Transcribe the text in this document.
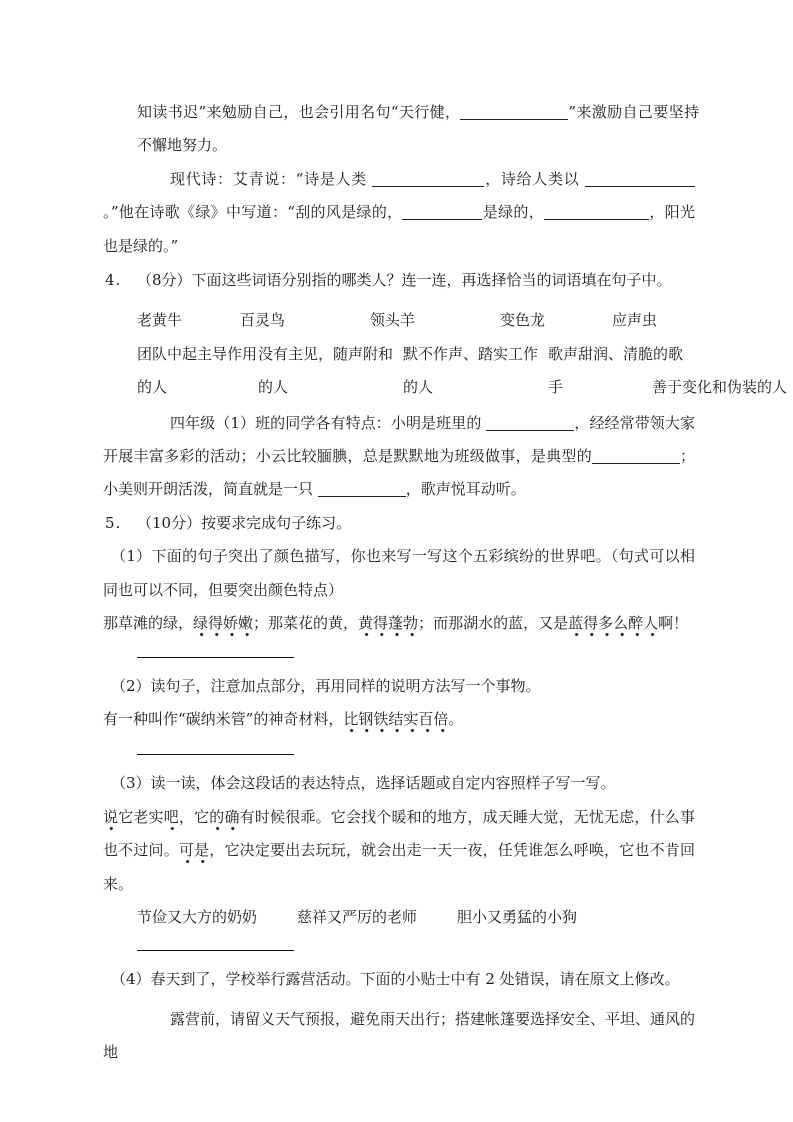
知读书迟”来勉励自己，也会引用名句“天行健，	”来激励自己要坚持不懈地努力。
现代诗：艾青说：“诗是人类	，诗给人类以 。”他在诗歌《绿》中写道：“刮的风是绿的，	是绿的，	，阳光也是绿的。”
4. （8分）下面这些词语分别指的哪类人？连一连，再选择恰当的词语填在句子中。
老黄牛	百灵鸟	领头羊	变色龙	应声虫
团队中起主导作用的人
没有主见，随声附和的人
默不作声、踏实工作的人
歌声甜润、清脆的歌手	善于变化和伪装的人
四年级（1）班的同学各有特点：小明是班里的	，经经常带领大家开展丰富多彩的活动；小云比较腼腆，总是默默地为班级做事，是典型的	；小美则开朗活泼，简直就是一只	，歌声悦耳动听。
5. （10分）按要求完成句子练习。
（1）下面的句子突出了颜色描写，你也来写一写这个五彩缤纷的世界吧。（句式可以相同也可以不同，但要突出颜色特点）
那草滩的绿，绿得娇嫩；那菜花的黄，黄得蓬勃；而那湖水的蓝，又是蓝得多么醉人啊！
（2）读句子，注意加点部分，再用同样的说明方法写一个事物。
有一种叫作“碳纳米管”的神奇材料，比钢铁结实百倍。
（3）读一读，体会这段话的表达特点，选择话题或自定内容照样子写一写。
说它老实吧，它的确有时候很乖。它会找个暖和的地方，成天睡大觉，无忧无虑，什么事也不过问。可是，它决定要出去玩玩，就会出走一天一夜，任凭谁怎么呼唤，它也不肯回来。
节俭又大方的奶奶	慈祥又严厉的老师	胆小又勇猛的小狗
（4）春天到了，学校举行露营活动。下面的小贴士中有 2 处错误，请在原文上修改。
露营前，请留义天气预报，避免雨天出行；搭建帐篷要选择安全、平坦、通风的地
